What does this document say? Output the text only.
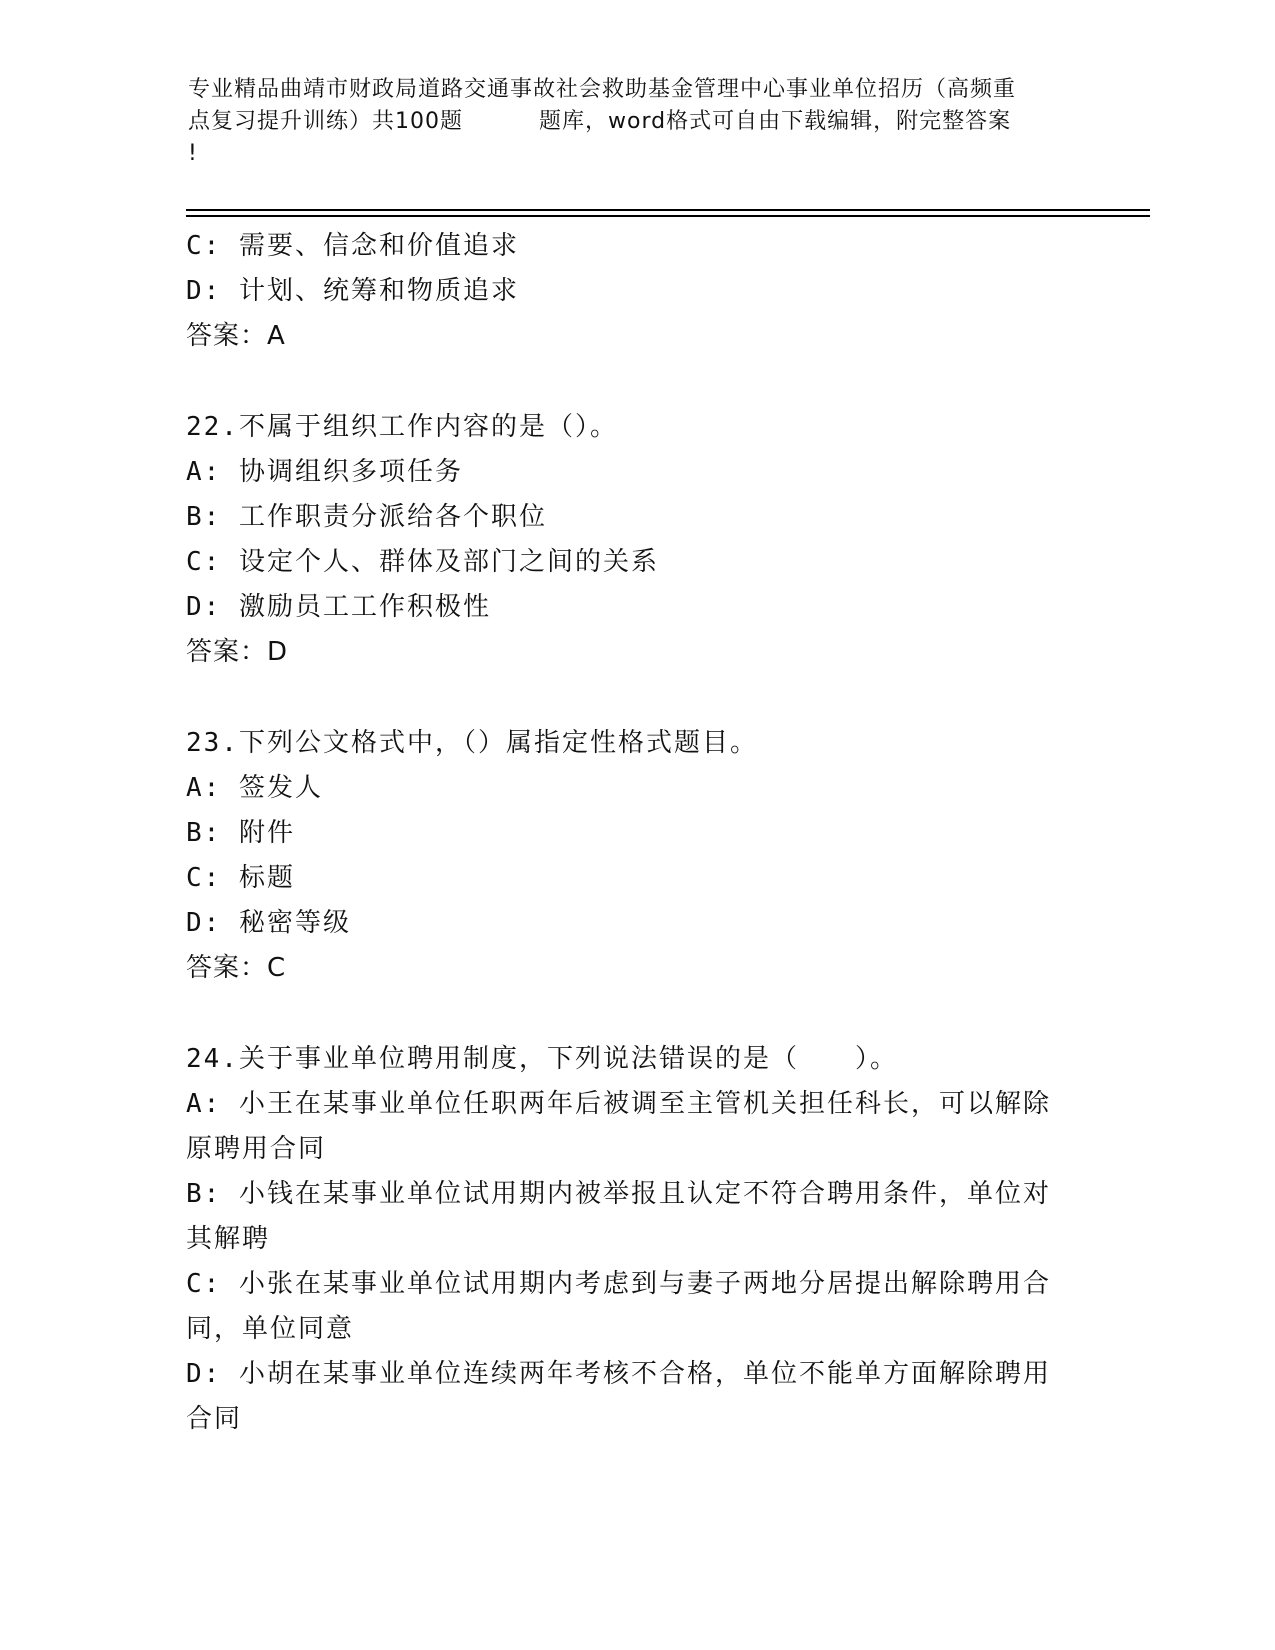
专业精品曲靖市财政局道路交通事故社会救助基金管理中心事业单位招历（高频重
点复习提升训练）共100题	题库，word格式可自由下载编辑，附完整答案
!
C: 需要、信念和价值追求
D: 计划、统筹和物质追求
答案：A
22.不属于组织工作内容的是（）。
A: 协调组织多项任务
B: 工作职责分派给各个职位
C: 设定个人、群体及部门之间的关系
D: 激励员工工作积极性
答案：D
23.下列公文格式中，（）属指定性格式题目。
A: 签发人
B: 附件
C: 标题
D: 秘密等级
答案：C
24.关于事业单位聘用制度，下列说法错误的是（　　）。
A: 小王在某事业单位任职两年后被调至主管机关担任科长，可以解除
原聘用合同
B: 小钱在某事业单位试用期内被举报且认定不符合聘用条件，单位对
其解聘
C: 小张在某事业单位试用期内考虑到与妻子两地分居提出解除聘用合
同，单位同意
D: 小胡在某事业单位连续两年考核不合格，单位不能单方面解除聘用
合同
